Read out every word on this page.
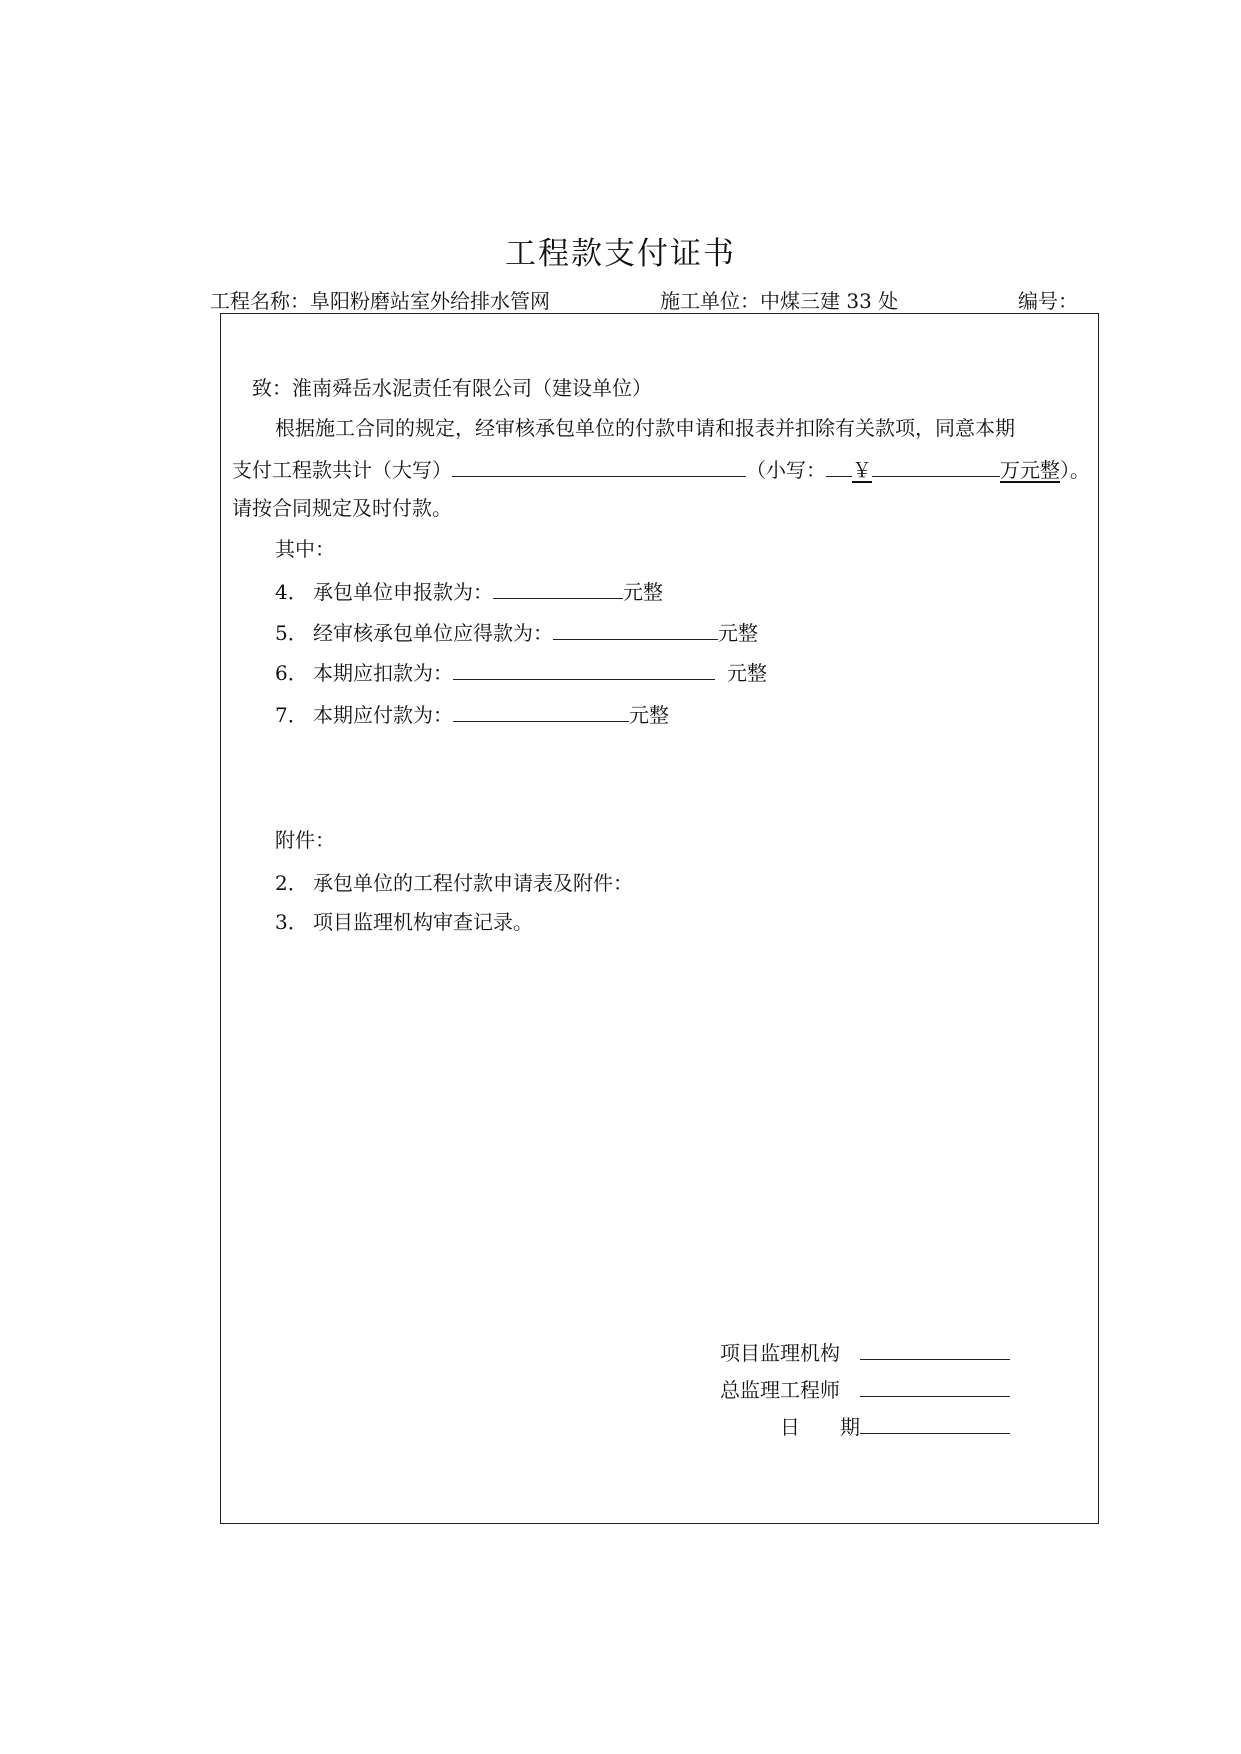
工程款支付证书
工程名称：阜阳粉磨站室外给排水管网	施工单位：中煤三建 33 处	编号：
致：淮南舜岳水泥责任有限公司（建设单位）
根据施工合同的规定，经审核承包单位的付款申请和报表并扣除有关款项，同意本期
支付工程款共计（大写）	（小写： ￥	万元整）。
请按合同规定及时付款。
其中：
4． 承包单位申报款为：	元整
5． 经审核承包单位应得款为：	元整
6． 本期应扣款为：	元整
7． 本期应付款为：	元整
附件：
2． 承包单位的工程付款申请表及附件：
3． 项目监理机构审查记录。
项目监理机构
总监理工程师
日　　期
